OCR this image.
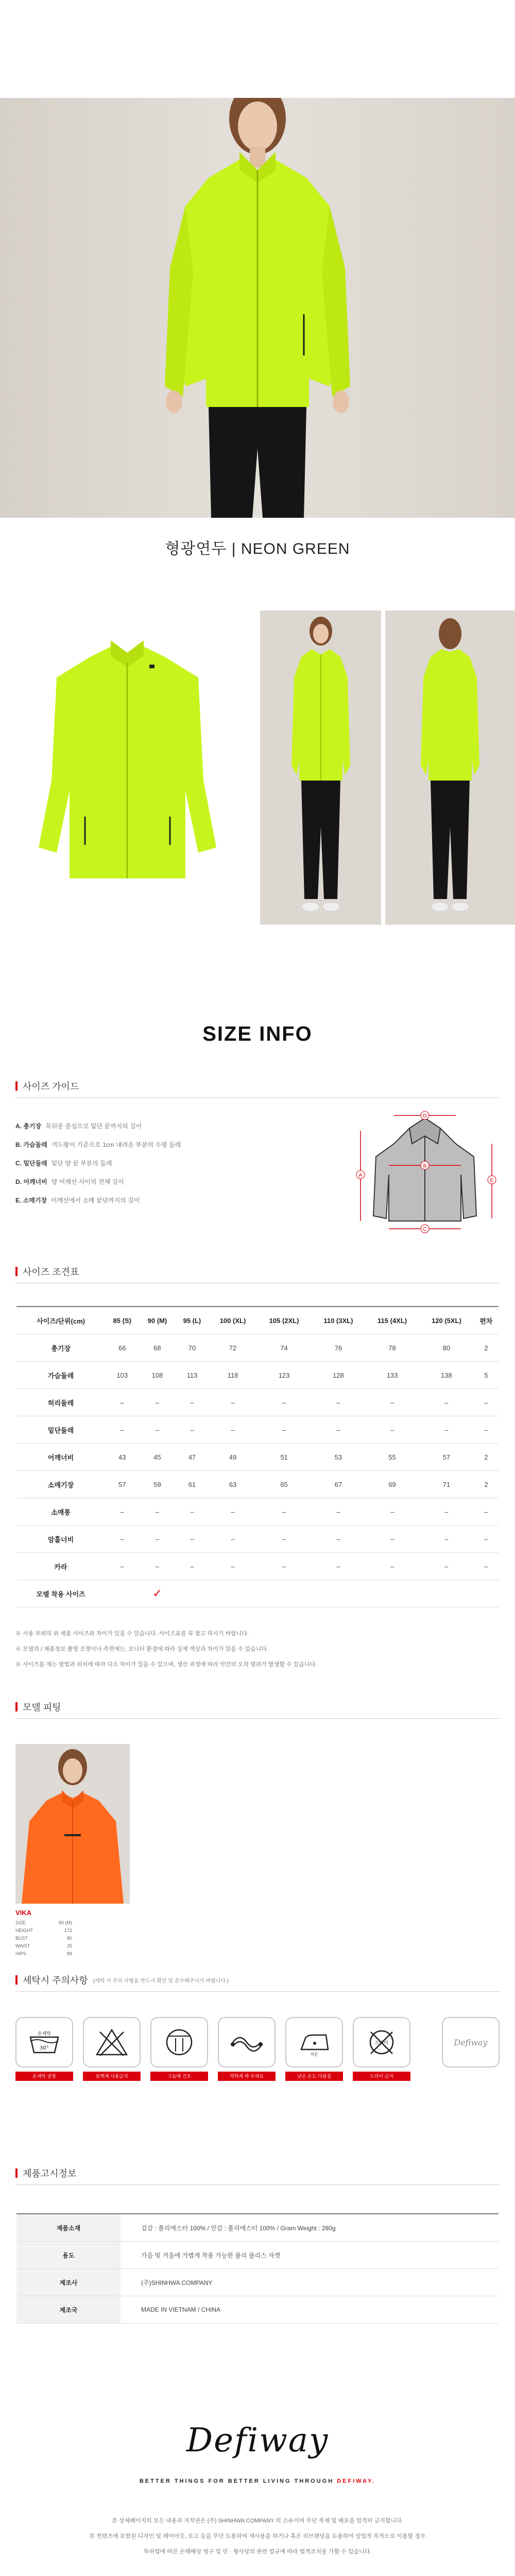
형광연두 | NEON GREEN
SIZE INFO
사이즈 가이드
A. 총기장 목뒤중 중심으로 밑단 끝까지의 길이
B. 가슴둘레 겨드랑이 기준으로 1cm 내려온 부분의 수평 둘레
C. 밑단둘레 밑단 양 끝 부분의 둘레
D. 어깨너비 양 어깨선 사이의 전체 길이
E. 소매기장 어깨선에서 소매 끝단까지의 길이
D
B
C
A
E
사이즈 조견표
사이즈/단위(cm)	85 (S)	90 (M)	95 (L)	100 (XL)	105 (2XL)	110 (3XL)	115 (4XL)	120 (5XL)	편차
총기장	66	68	70	72	74	76	78	80	2
가슴둘레	103	108	113	118	123	128	133	138	5
허리둘레	–	–	–	–	–	–	–	–	–
밑단둘레	–	–	–	–	–	–	–	–	–
어깨너비	43	45	47	49	51	53	55	57	2
소매기장	57	59	61	63	65	67	69	71	2
소매통	–	–	–	–	–	–	–	–	–
암홀너비	–	–	–	–	–	–	–	–	–
카라	–	–	–	–	–	–	–	–	–
모델 착용 사이즈		✓							
※ 사용 부위의 위 제품 사이즈와 차이가 있을 수 있습니다. 사이즈표를 꼭 참고 하시기 바랍니다.
※ 모델의 / 제품정보 촬영 조명이나 측면에는, 모니터 환경에 따라 실제 색상과 차이가 있을 수 있습니다.
※ 사이즈를 재는 방법과 위치에 따라 다소 차이가 있을 수 있으며, 생산 과정에 따라 약간의 오차 범위가 발생할 수 있습니다.
모델 피팅
VIKA
SIZE	90 (M)
HEIGHT	172
BUST	80
WAIST	25
HIPS	89
세탁시 주의사항 (세탁 시 주의 사항을 반드시 확인 및 준수해주시기 바랍니다.)
손세탁
30°
손세탁 권장	표백제 사용금지	그늘에 건조	약하게 짜 주세요
저온
낮은 온도 다림질
드라이
드라이 금지
Defiway
제품고시정보
제품소재	겉감 : 폴리에스터 100% / 안감 : 폴리에스터 100% / Gram Weight : 280g
용도	가을 및 겨울에 가볍게 착용 가능한 플리 플리스 자켓
제조사	(주)SHINHWA COMPANY
제조국	MADE IN VIETNAM / CHINA
Defiway
BETTER THINGS FOR BETTER LIVING THROUGH DEFIWAY.
본 상세페이지의 모든 내용과 저작권은 (주) SHINHWA COMPANY 의 소유이며 무단 복제 및 배포를 엄격히 금지합니다.
본 컨텐츠에 포함된 디자인 및 레이아웃, 로고 등을 무단 도용하여 재사용을 하거나 혹은 리브랜딩을 도용하여 상업적 목적으로 이용할 경우
특허법에 따른 손해배상 청구 및 민 · 형사상의 관련 법규에 따라 법적조치를 가할 수 있습니다.
